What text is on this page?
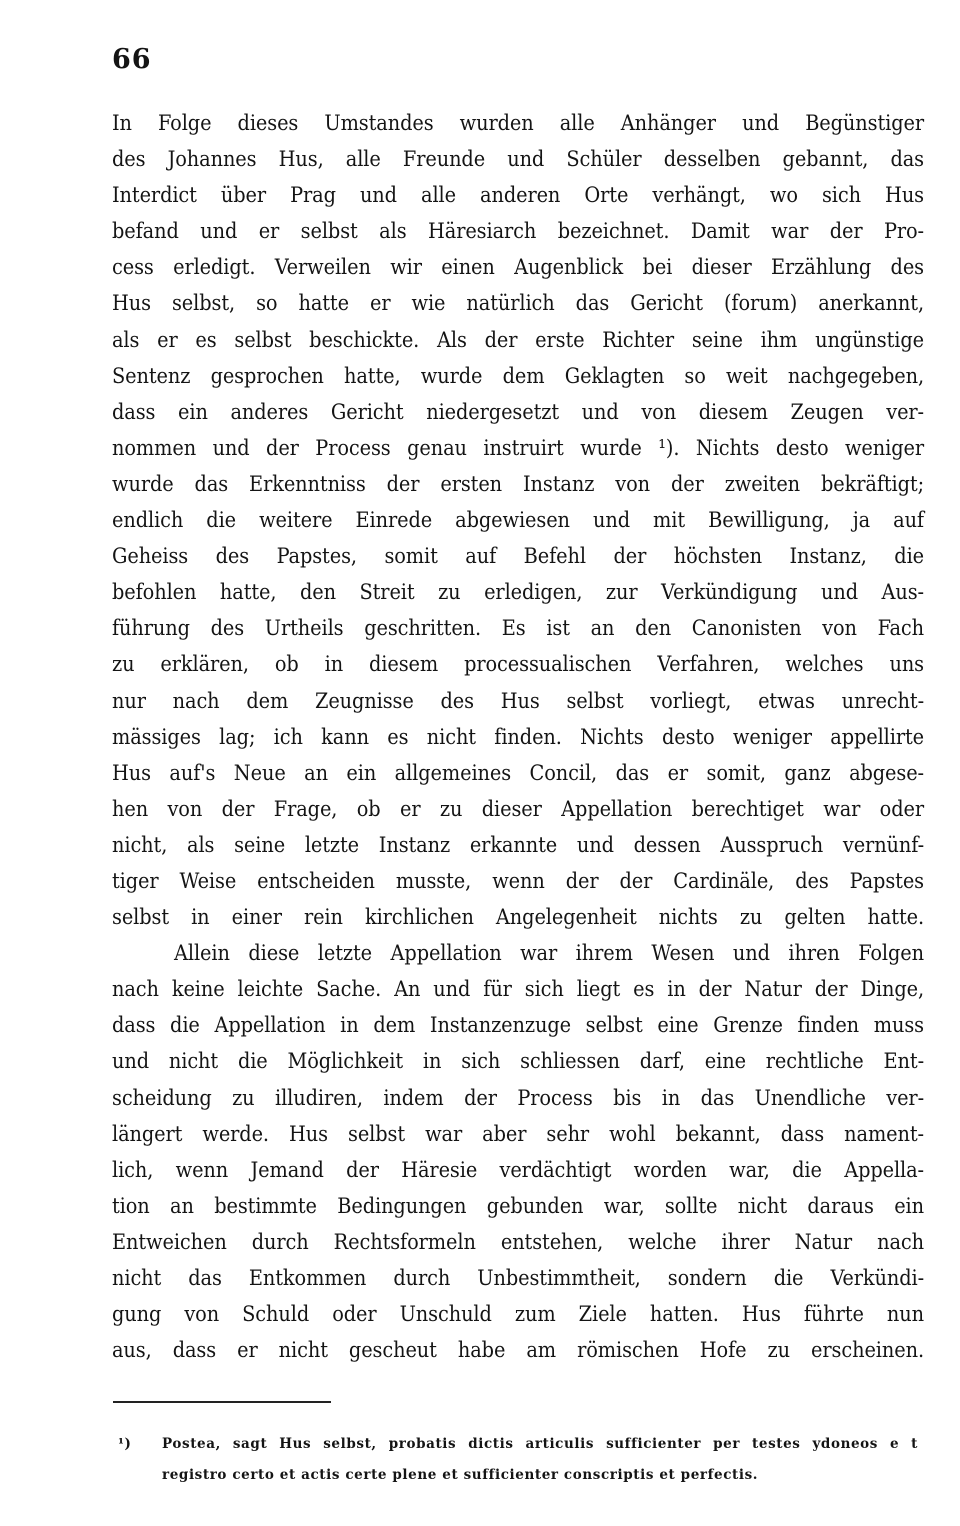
66
In Folge dieses Umstandes wurden alle Anhänger und Begünstiger
des Johannes Hus, alle Freunde und Schüler desselben gebannt, das
Interdict über Prag und alle anderen Orte verhängt, wo sich Hus
befand und er selbst als Häresiarch bezeichnet. Damit war der Pro-
cess erledigt. Verweilen wir einen Augenblick bei dieser Erzählung des
Hus selbst, so hatte er wie natürlich das Gericht (forum) anerkannt,
als er es selbst beschickte. Als der erste Richter seine ihm ungünstige
Sentenz gesprochen hatte, wurde dem Geklagten so weit nachgegeben,
dass ein anderes Gericht niedergesetzt und von diesem Zeugen ver-
nommen und der Process genau instruirt wurde ¹). Nichts desto weniger
wurde das Erkenntniss der ersten Instanz von der zweiten bekräftigt;
endlich die weitere Einrede abgewiesen und mit Bewilligung, ja auf
Geheiss des Papstes, somit auf Befehl der höchsten Instanz, die
befohlen hatte, den Streit zu erledigen, zur Verkündigung und Aus-
führung des Urtheils geschritten. Es ist an den Canonisten von Fach
zu erklären, ob in diesem processualischen Verfahren, welches uns
nur nach dem Zeugnisse des Hus selbst vorliegt, etwas unrecht-
mässiges lag; ich kann es nicht finden. Nichts desto weniger appellirte
Hus auf's Neue an ein allgemeines Concil, das er somit, ganz abgese-
hen von der Frage, ob er zu dieser Appellation berechtiget war oder
nicht, als seine letzte Instanz erkannte und dessen Ausspruch vernünf-
tiger Weise entscheiden musste, wenn der der Cardinäle, des Papstes
selbst in einer rein kirchlichen Angelegenheit nichts zu gelten hatte.
Allein diese letzte Appellation war ihrem Wesen und ihren Folgen
nach keine leichte Sache. An und für sich liegt es in der Natur der Dinge,
dass die Appellation in dem Instanzenzuge selbst eine Grenze finden muss
und nicht die Möglichkeit in sich schliessen darf, eine rechtliche Ent-
scheidung zu illudiren, indem der Process bis in das Unendliche ver-
längert werde. Hus selbst war aber sehr wohl bekannt, dass nament-
lich, wenn Jemand der Häresie verdächtigt worden war, die Appella-
tion an bestimmte Bedingungen gebunden war, sollte nicht daraus ein
Entweichen durch Rechtsformeln entstehen, welche ihrer Natur nach
nicht das Entkommen durch Unbestimmtheit, sondern die Verkündi-
gung von Schuld oder Unschuld zum Ziele hatten. Hus führte nun
aus, dass er nicht gescheut habe am römischen Hofe zu erscheinen.
¹) Postea, sagt Hus selbst, probatis dictis articulis sufficienter per testes ydoneos e t
registro certo et actis certe plene et sufficienter conscriptis et perfectis.
